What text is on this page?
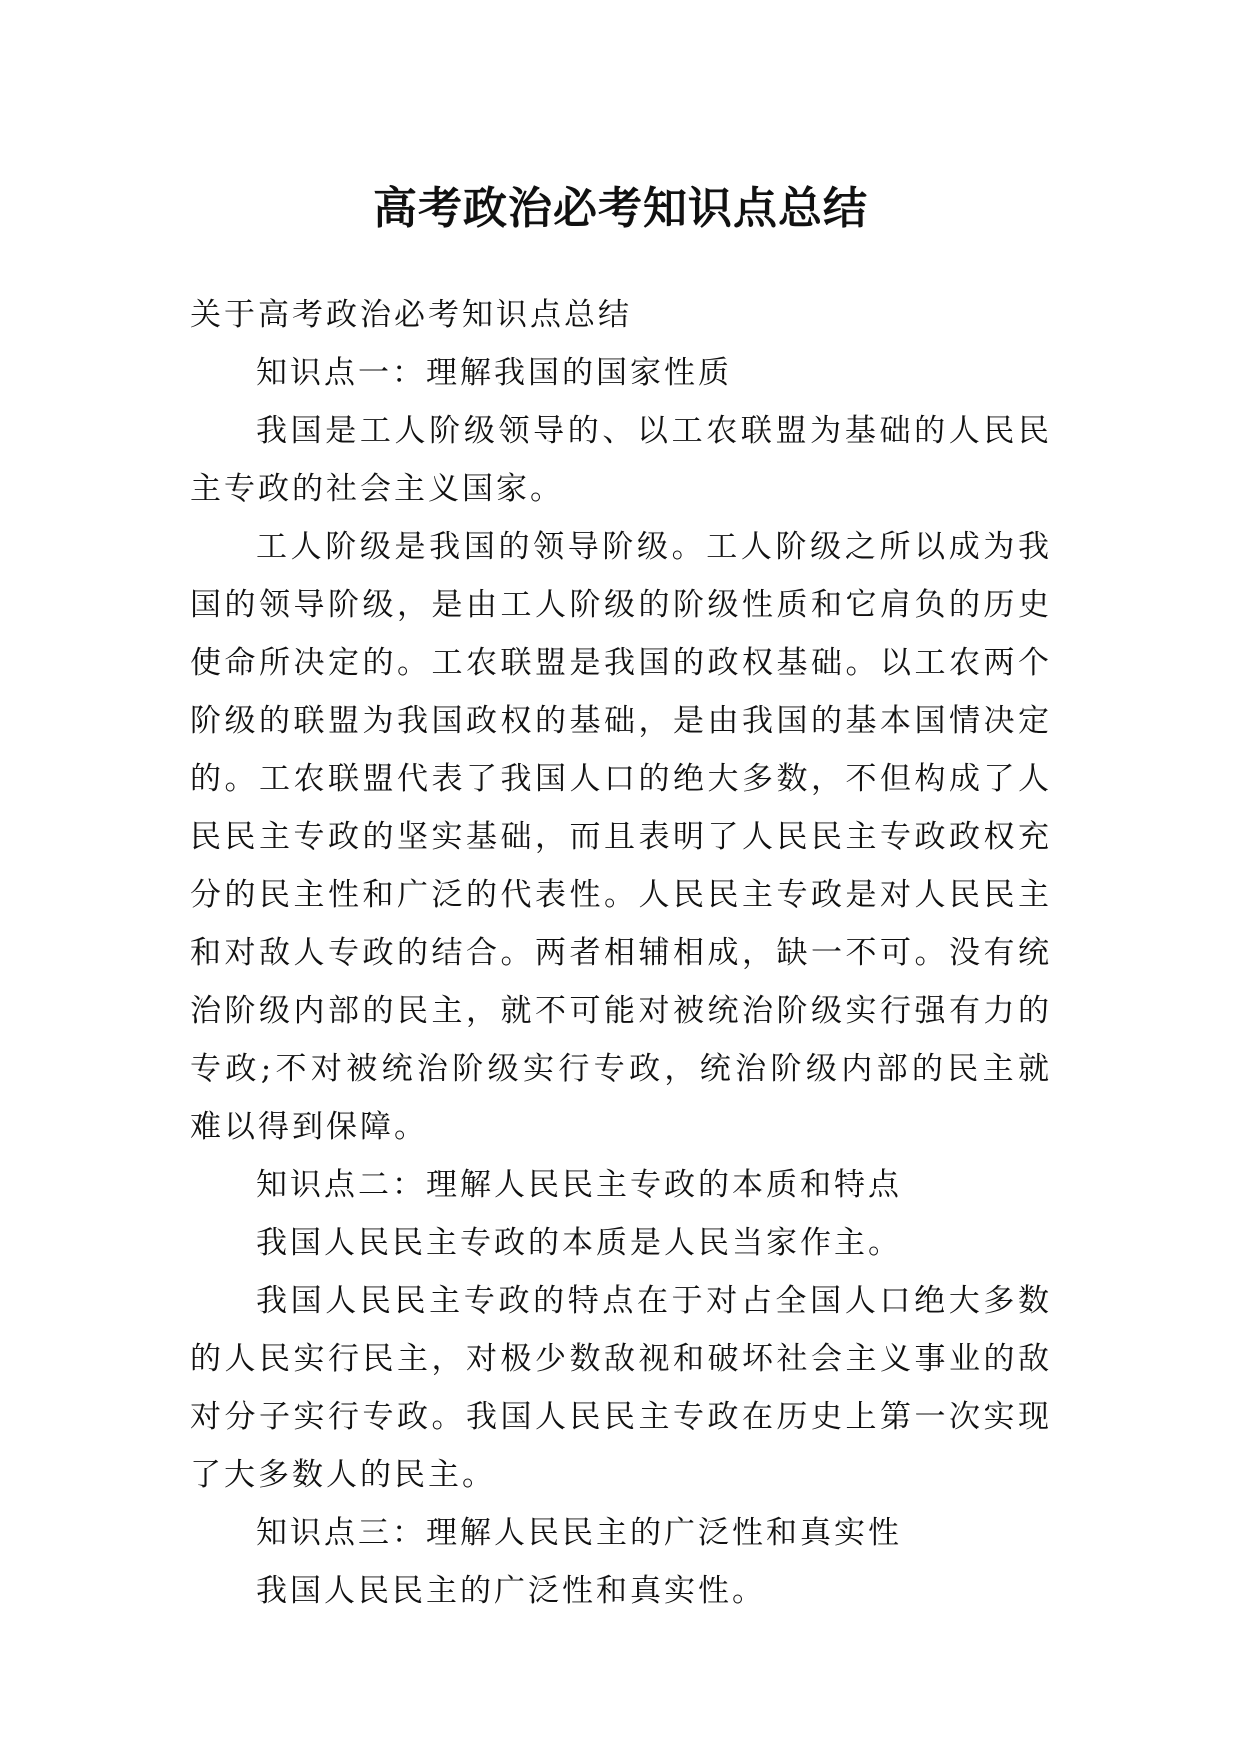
高考政治必考知识点总结

关于高考政治必考知识点总结

知识点一：理解我国的国家性质

我国是工人阶级领导的、以工农联盟为基础的人民民主专政的社会主义国家。

工人阶级是我国的领导阶级。工人阶级之所以成为我国的领导阶级，是由工人阶级的阶级性质和它肩负的历史使命所决定的。工农联盟是我国的政权基础。以工农两个阶级的联盟为我国政权的基础，是由我国的基本国情决定的。工农联盟代表了我国人口的绝大多数，不但构成了人民民主专政的坚实基础，而且表明了人民民主专政政权充分的民主性和广泛的代表性。人民民主专政是对人民民主和对敌人专政的结合。两者相辅相成，缺一不可。没有统治阶级内部的民主，就不可能对被统治阶级实行强有力的专政;不对被统治阶级实行专政，统治阶级内部的民主就难以得到保障。

知识点二：理解人民民主专政的本质和特点

我国人民民主专政的本质是人民当家作主。

我国人民民主专政的特点在于对占全国人口绝大多数的人民实行民主，对极少数敌视和破坏社会主义事业的敌对分子实行专政。我国人民民主专政在历史上第一次实现了大多数人的民主。

知识点三：理解人民民主的广泛性和真实性

我国人民民主的广泛性和真实性。
